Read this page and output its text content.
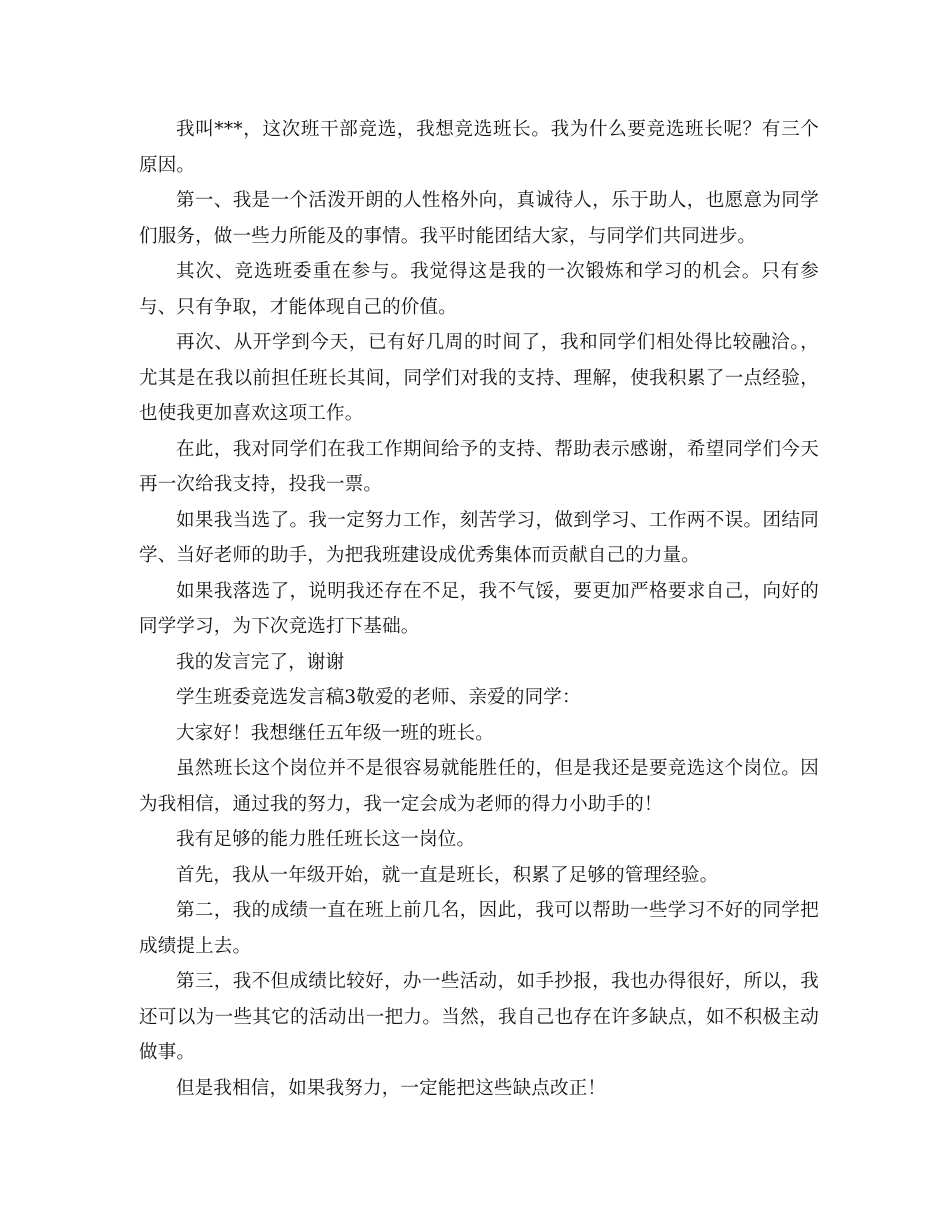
我叫***，这次班干部竞选，我想竞选班长。我为什么要竞选班长呢？有三个原因。

第一、我是一个活泼开朗的人性格外向，真诚待人，乐于助人，也愿意为同学们服务，做一些力所能及的事情。我平时能团结大家，与同学们共同进步。

其次、竞选班委重在参与。我觉得这是我的一次锻炼和学习的机会。只有参与、只有争取，才能体现自己的价值。

再次、从开学到今天，已有好几周的时间了，我和同学们相处得比较融洽。，尤其是在我以前担任班长其间，同学们对我的支持、理解，使我积累了一点经验，也使我更加喜欢这项工作。

在此，我对同学们在我工作期间给予的支持、帮助表示感谢，希望同学们今天再一次给我支持，投我一票。

如果我当选了。我一定努力工作，刻苦学习，做到学习、工作两不误。团结同学、当好老师的助手，为把我班建设成优秀集体而贡献自己的力量。

如果我落选了，说明我还存在不足，我不气馁，要更加严格要求自己，向好的同学学习，为下次竞选打下基础。

我的发言完了，谢谢

学生班委竞选发言稿3敬爱的老师、亲爱的同学：

大家好！我想继任五年级一班的班长。

虽然班长这个岗位并不是很容易就能胜任的，但是我还是要竞选这个岗位。因为我相信，通过我的努力，我一定会成为老师的得力小助手的！

我有足够的能力胜任班长这一岗位。

首先，我从一年级开始，就一直是班长，积累了足够的管理经验。

第二，我的成绩一直在班上前几名，因此，我可以帮助一些学习不好的同学把成绩提上去。

第三，我不但成绩比较好，办一些活动，如手抄报，我也办得很好，所以，我还可以为一些其它的活动出一把力。当然，我自己也存在许多缺点，如不积极主动做事。

但是我相信，如果我努力，一定能把这些缺点改正！
